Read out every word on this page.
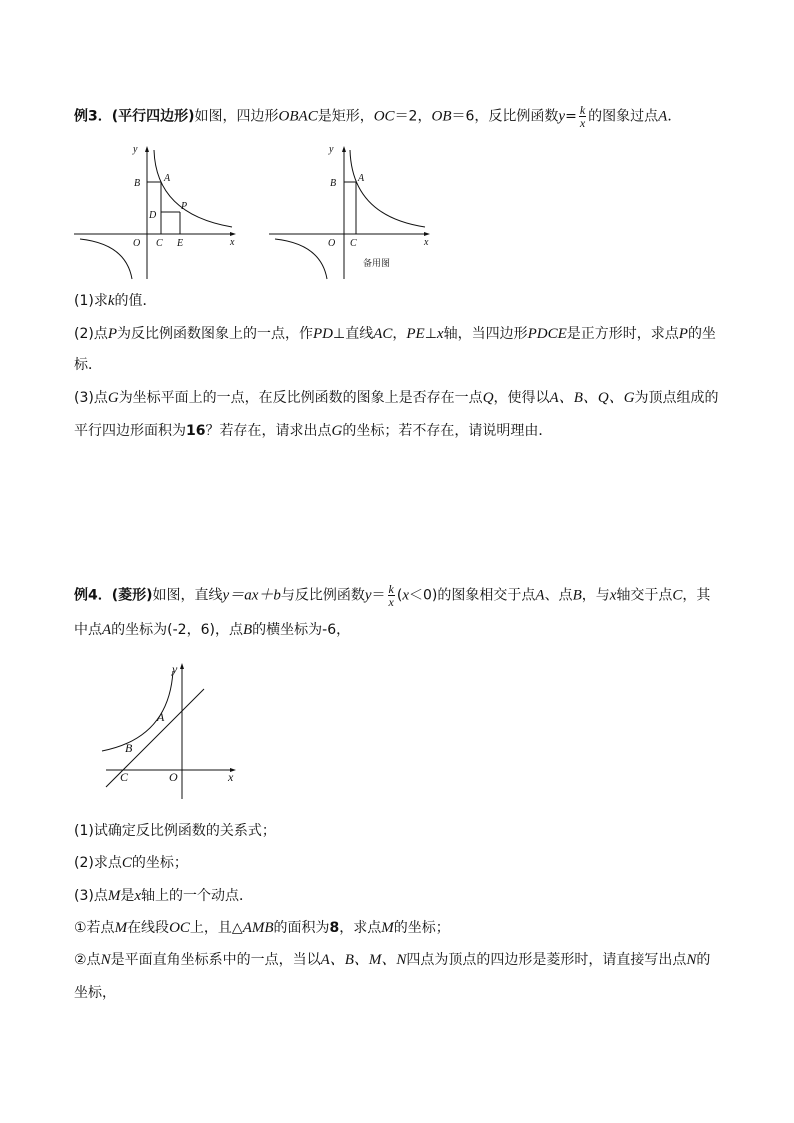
例3．(平行四边形)如图，四边形OBAC是矩形，OC＝2，OB＝6，反比例函数$y= \frac{k}{x}$ 的图象过点A．
y
x
O
B A
D
P
C E
y
x
O
B A
C
备用图
(1)求k的值．
(2)点P为反比例函数图象上的一点，作PD⊥直线AC，PE⊥x轴，当四边形PDCE是正方形时，求点P的坐
标．
(3)点G为坐标平面上的一点，在反比例函数的图象上是否存在一点Q，使得以A、B、Q、G为顶点组成的
平行四边形面积为16？若存在，请求出点G的坐标；若不存在，请说明理由．
例4．(菱形)如图，直线y＝ax＋b与反比例函数$y= \frac{k}{x} (x<0)$的图象相交于点A、点B，与x轴交于点C，其
中点A的坐标为(-2，6)，点B的横坐标为-6，
y
x
O
A
B
C
(1)试确定反比例函数的关系式；
(2)求点C的坐标；
(3)点M是x轴上的一个动点．
①若点M在线段OC上，且△AMB的面积为8，求点M的坐标；
②点N是平面直角坐标系中的一点，当以A、B、M、N四点为顶点的四边形是菱形时，请直接写出点N的
坐标，
